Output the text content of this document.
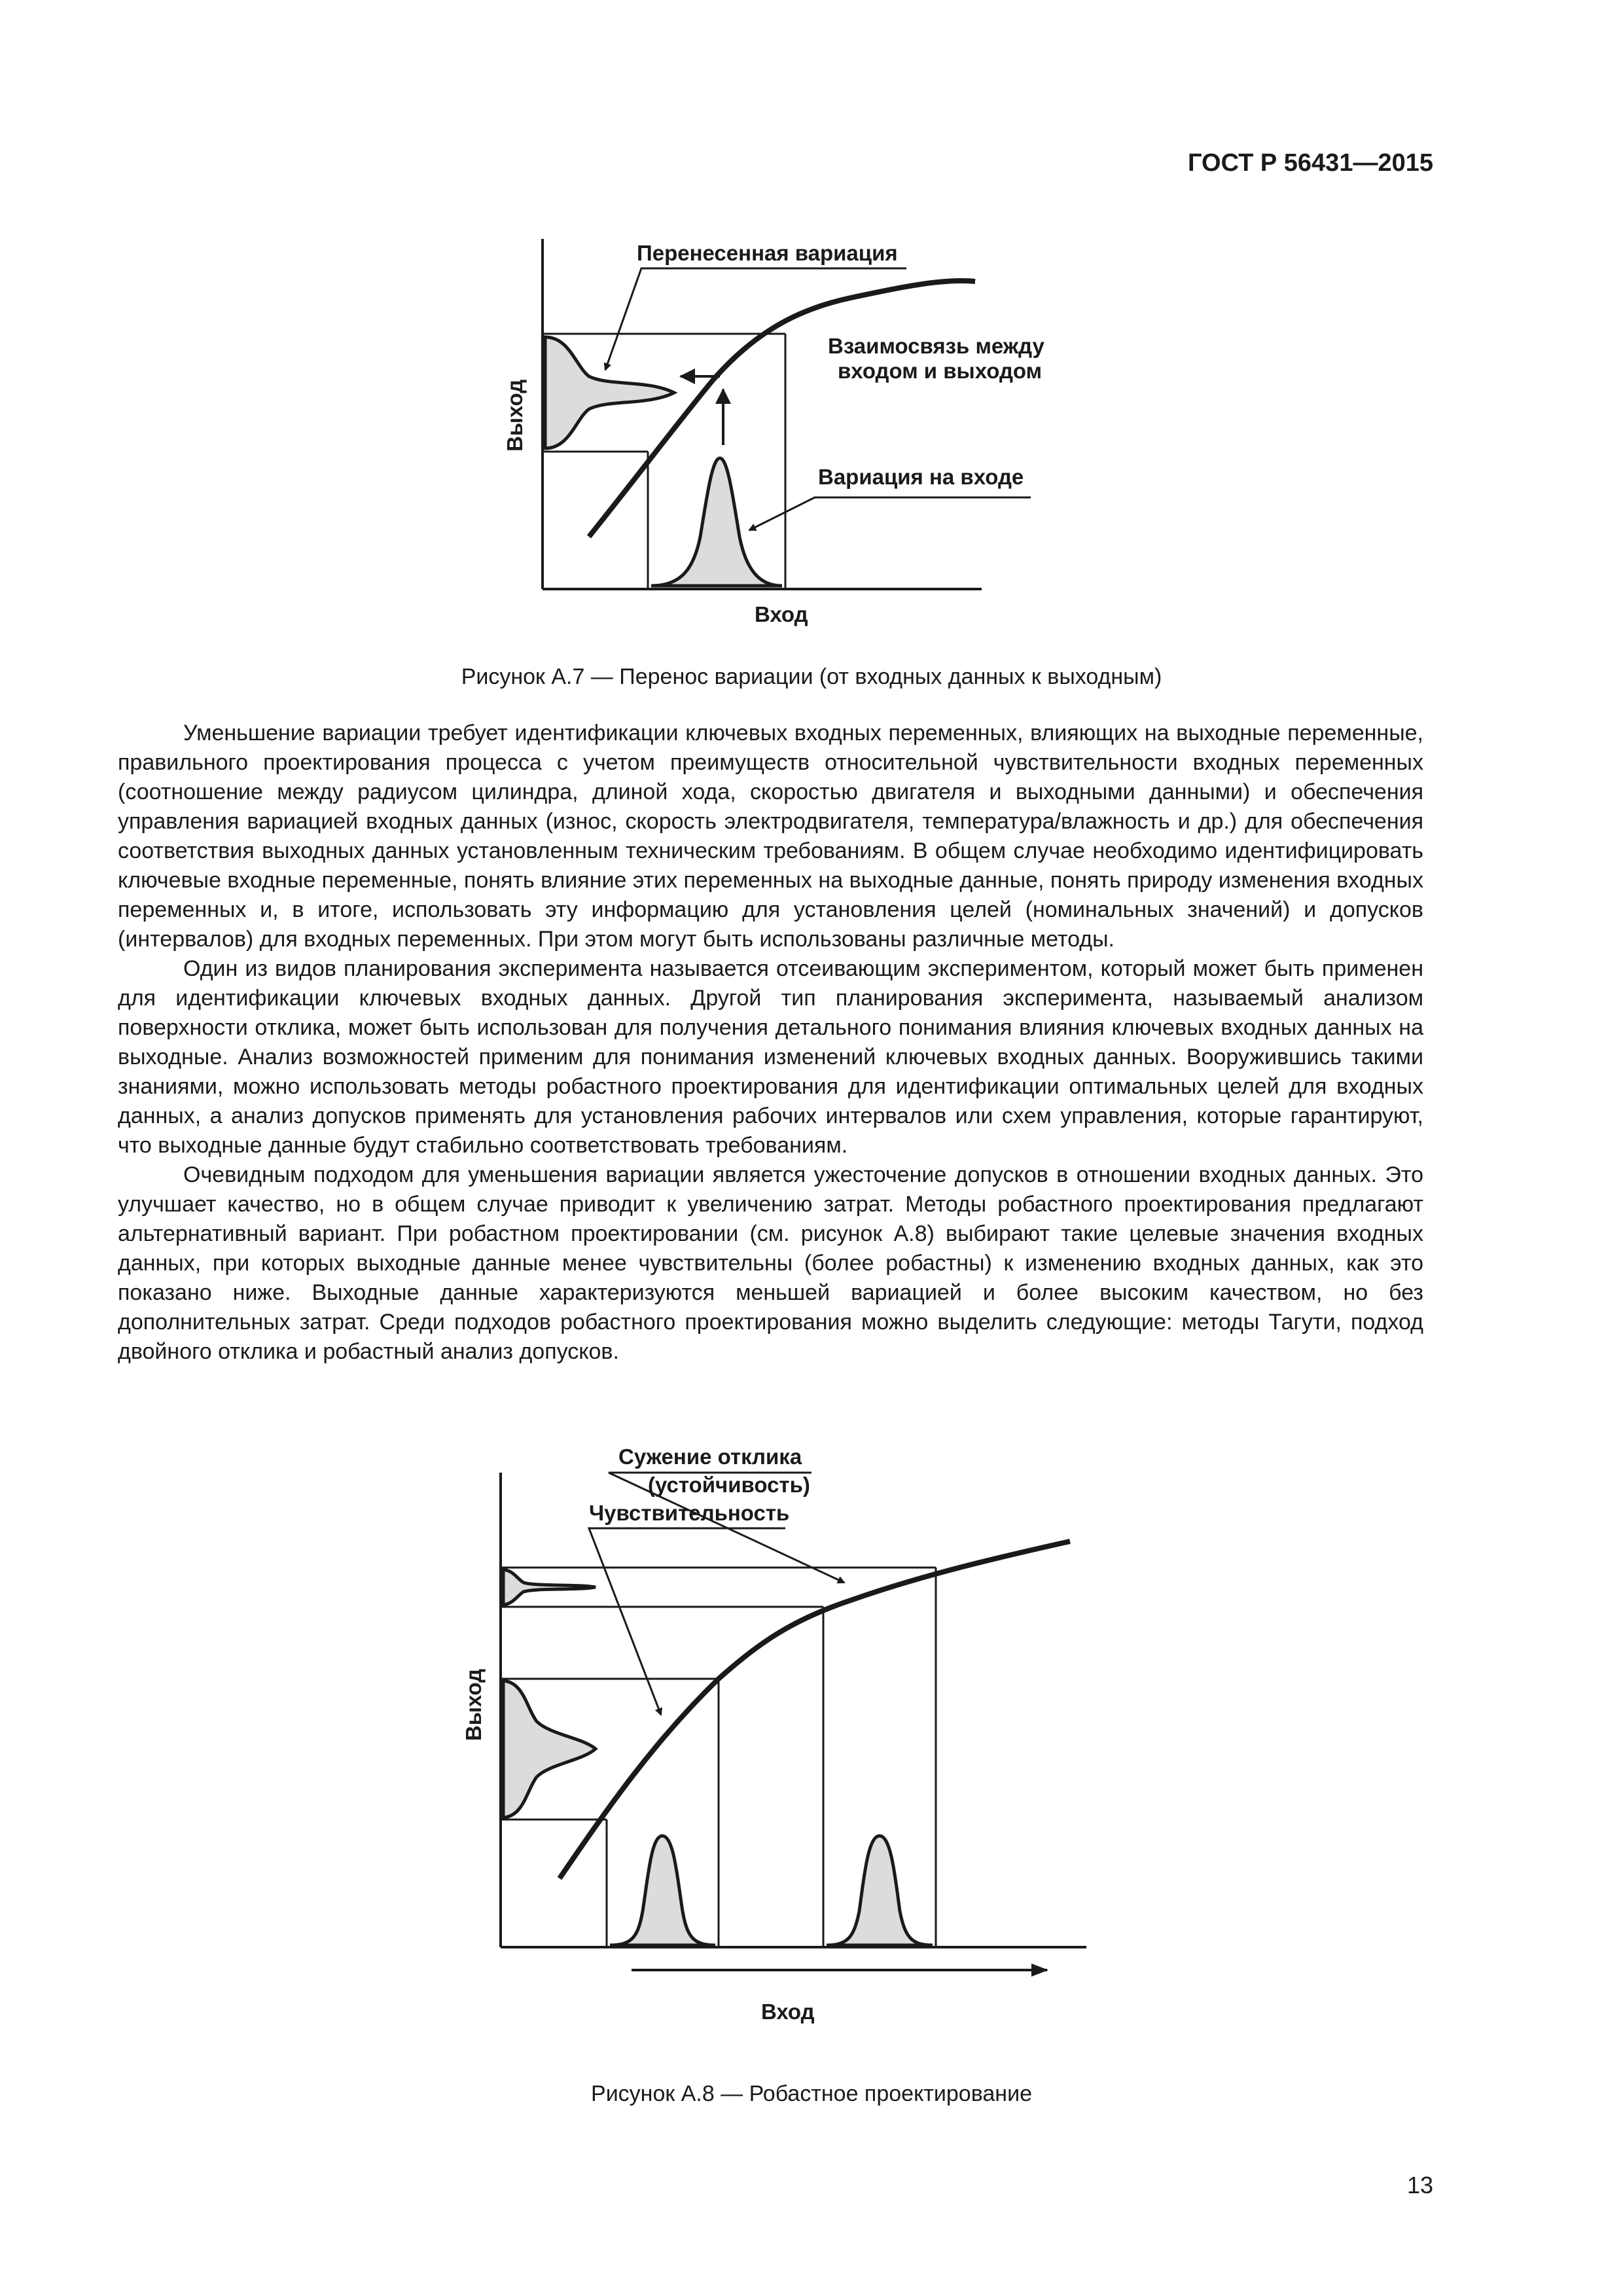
ГОСТ Р 56431—2015
Перенесенная вариация
Взаимосвязь между
входом и выходом
Вариация на входе
Выход
Вход
Рисунок А.7 — Перенос вариации (от входных данных к выходным)

Уменьшение вариации требует идентификации ключевых входных переменных, влияющих на выходные переменные, правильного проектирования процесса с учетом преимуществ относительной чувствительности входных переменных (соотношение между радиусом цилиндра, длиной хода, скоростью двигателя и выходными данными) и обеспечения управления вариацией входных данных (износ, скорость электродвигателя, температура/влажность и др.) для обеспечения соответствия выходных данных установленным техническим требованиям. В общем случае необходимо идентифицировать ключевые входные переменные, понять влияние этих переменных на выходные данные, понять природу изменения входных переменных и, в итоге, использовать эту информацию для установления целей (номинальных значений) и допусков (интервалов) для входных переменных. При этом могут быть использованы различные методы.

Один из видов планирования эксперимента называется отсеивающим экспериментом, который может быть применен для идентификации ключевых входных данных. Другой тип планирования эксперимента, называемый анализом поверхности отклика, может быть использован для получения детального понимания влияния ключевых входных данных на выходные. Анализ возможностей применим для понимания изменений ключевых входных данных. Вооружившись такими знаниями, можно использовать методы робастного проектирования для идентификации оптимальных целей для входных данных, а анализ допусков применять для установления рабочих интервалов или схем управления, которые гарантируют, что выходные данные будут стабильно соответствовать требованиям.

Очевидным подходом для уменьшения вариации является ужесточение допусков в отношении входных данных. Это улучшает качество, но в общем случае приводит к увеличению затрат. Методы робастного проектирования предлагают альтернативный вариант. При робастном проектировании (см. рисунок А.8) выбирают такие целевые значения входных данных, при которых выходные данные менее чувствительны (более робастны) к изменению входных данных, как это показано ниже. Выходные данные характеризуются меньшей вариацией и более высоким качеством, но без дополнительных затрат. Среди подходов робастного проектирования можно выделить следующие: методы Тагути, подход двойного отклика и робастный анализ допусков.

Сужение отклика
(устойчивость)
Чувствительность
Выход
Вход
Рисунок А.8 — Робастное проектирование
13
